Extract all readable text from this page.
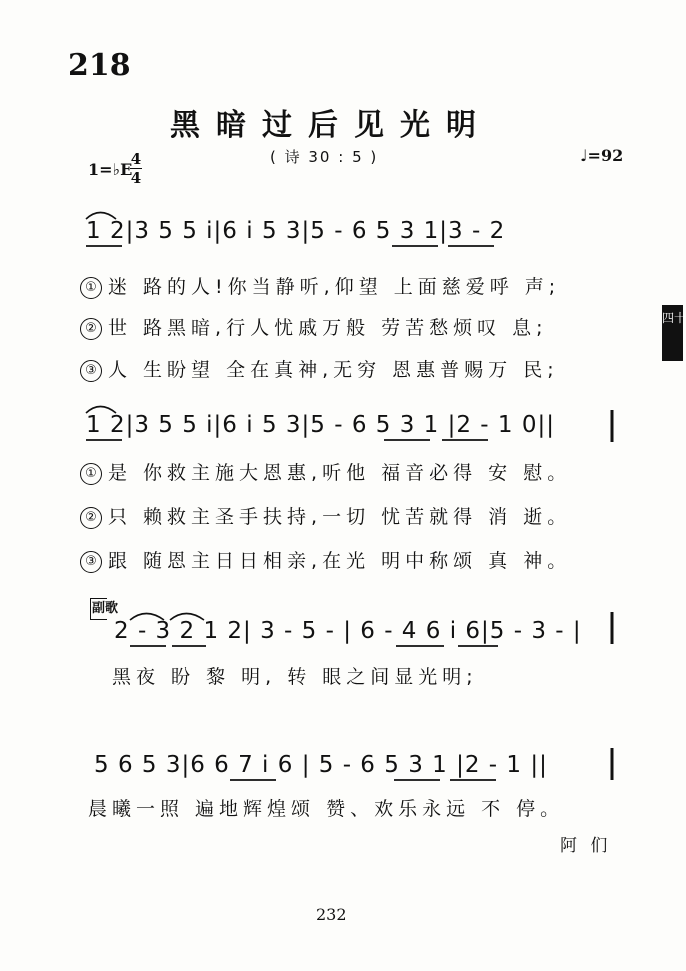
218
黑暗过后见光明
( 诗 30 : 5 )
1=♭E
4
4
♩=92
四十
1 2|3 5 5 i|6 i 5 3|5 - 6 5 3 1|3 - 2
① 迷 路的人!你当静听,仰望 上面慈爱呼 声;
② 世 路黑暗,行人忧戚万般 劳苦愁烦叹 息;
③ 人 生盼望 全在真神,无穷 恩惠普赐万 民;
1 2|3 5 5 i|6 i 5 3|5 - 6 5 3 1 |2 - 1 0||
① 是 你救主施大恩惠,听他 福音必得 安 慰。
② 只 赖救主圣手扶持,一切 忧苦就得 消 逝。
③ 跟 随恩主日日相亲,在光 明中称颂 真 神。
副歌
2 - 3 2 1 2| 3 - 5 - | 6 - 4 6 i 6|5 - 3 - |
黑夜 盼 黎 明, 转 眼之间显光明;
5 6 5 3|6 6 7 i 6 | 5 - 6 5 3 1 |2 - 1 ||
晨曦一照 遍地辉煌颂 赞、欢乐永远 不 停。
阿 们
232
